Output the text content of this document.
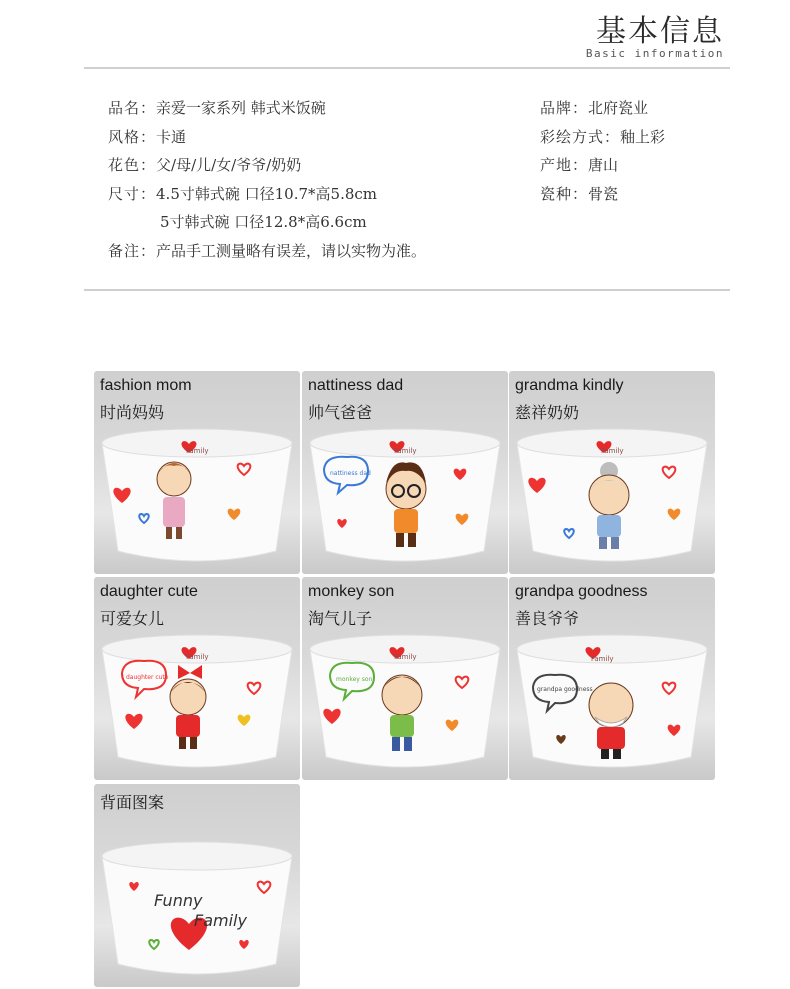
基本信息
Basic information
品名：亲爱一家系列 韩式米饭碗
风格：卡通
花色：父/母/儿/女/爷爷/奶奶
尺寸：4.5寸韩式碗 口径10.7*高5.8cm
5寸韩式碗 口径12.8*高6.6cm
备注：产品手工测量略有误差，请以实物为准。
品牌：北府瓷业
彩绘方式：釉上彩
产地：唐山
瓷种：骨瓷
Family
fashion mom
时尚妈妈
Family
nattiness dad
nattiness dad
帅气爸爸
Family
grandma kindly
慈祥奶奶
Family
daughter cute
daughter cute
可爱女儿
Family
monkey son
monkey son
淘气儿子
Family
grandpa goodness
grandpa goodness
善良爷爷
Funny
Family
背面图案
